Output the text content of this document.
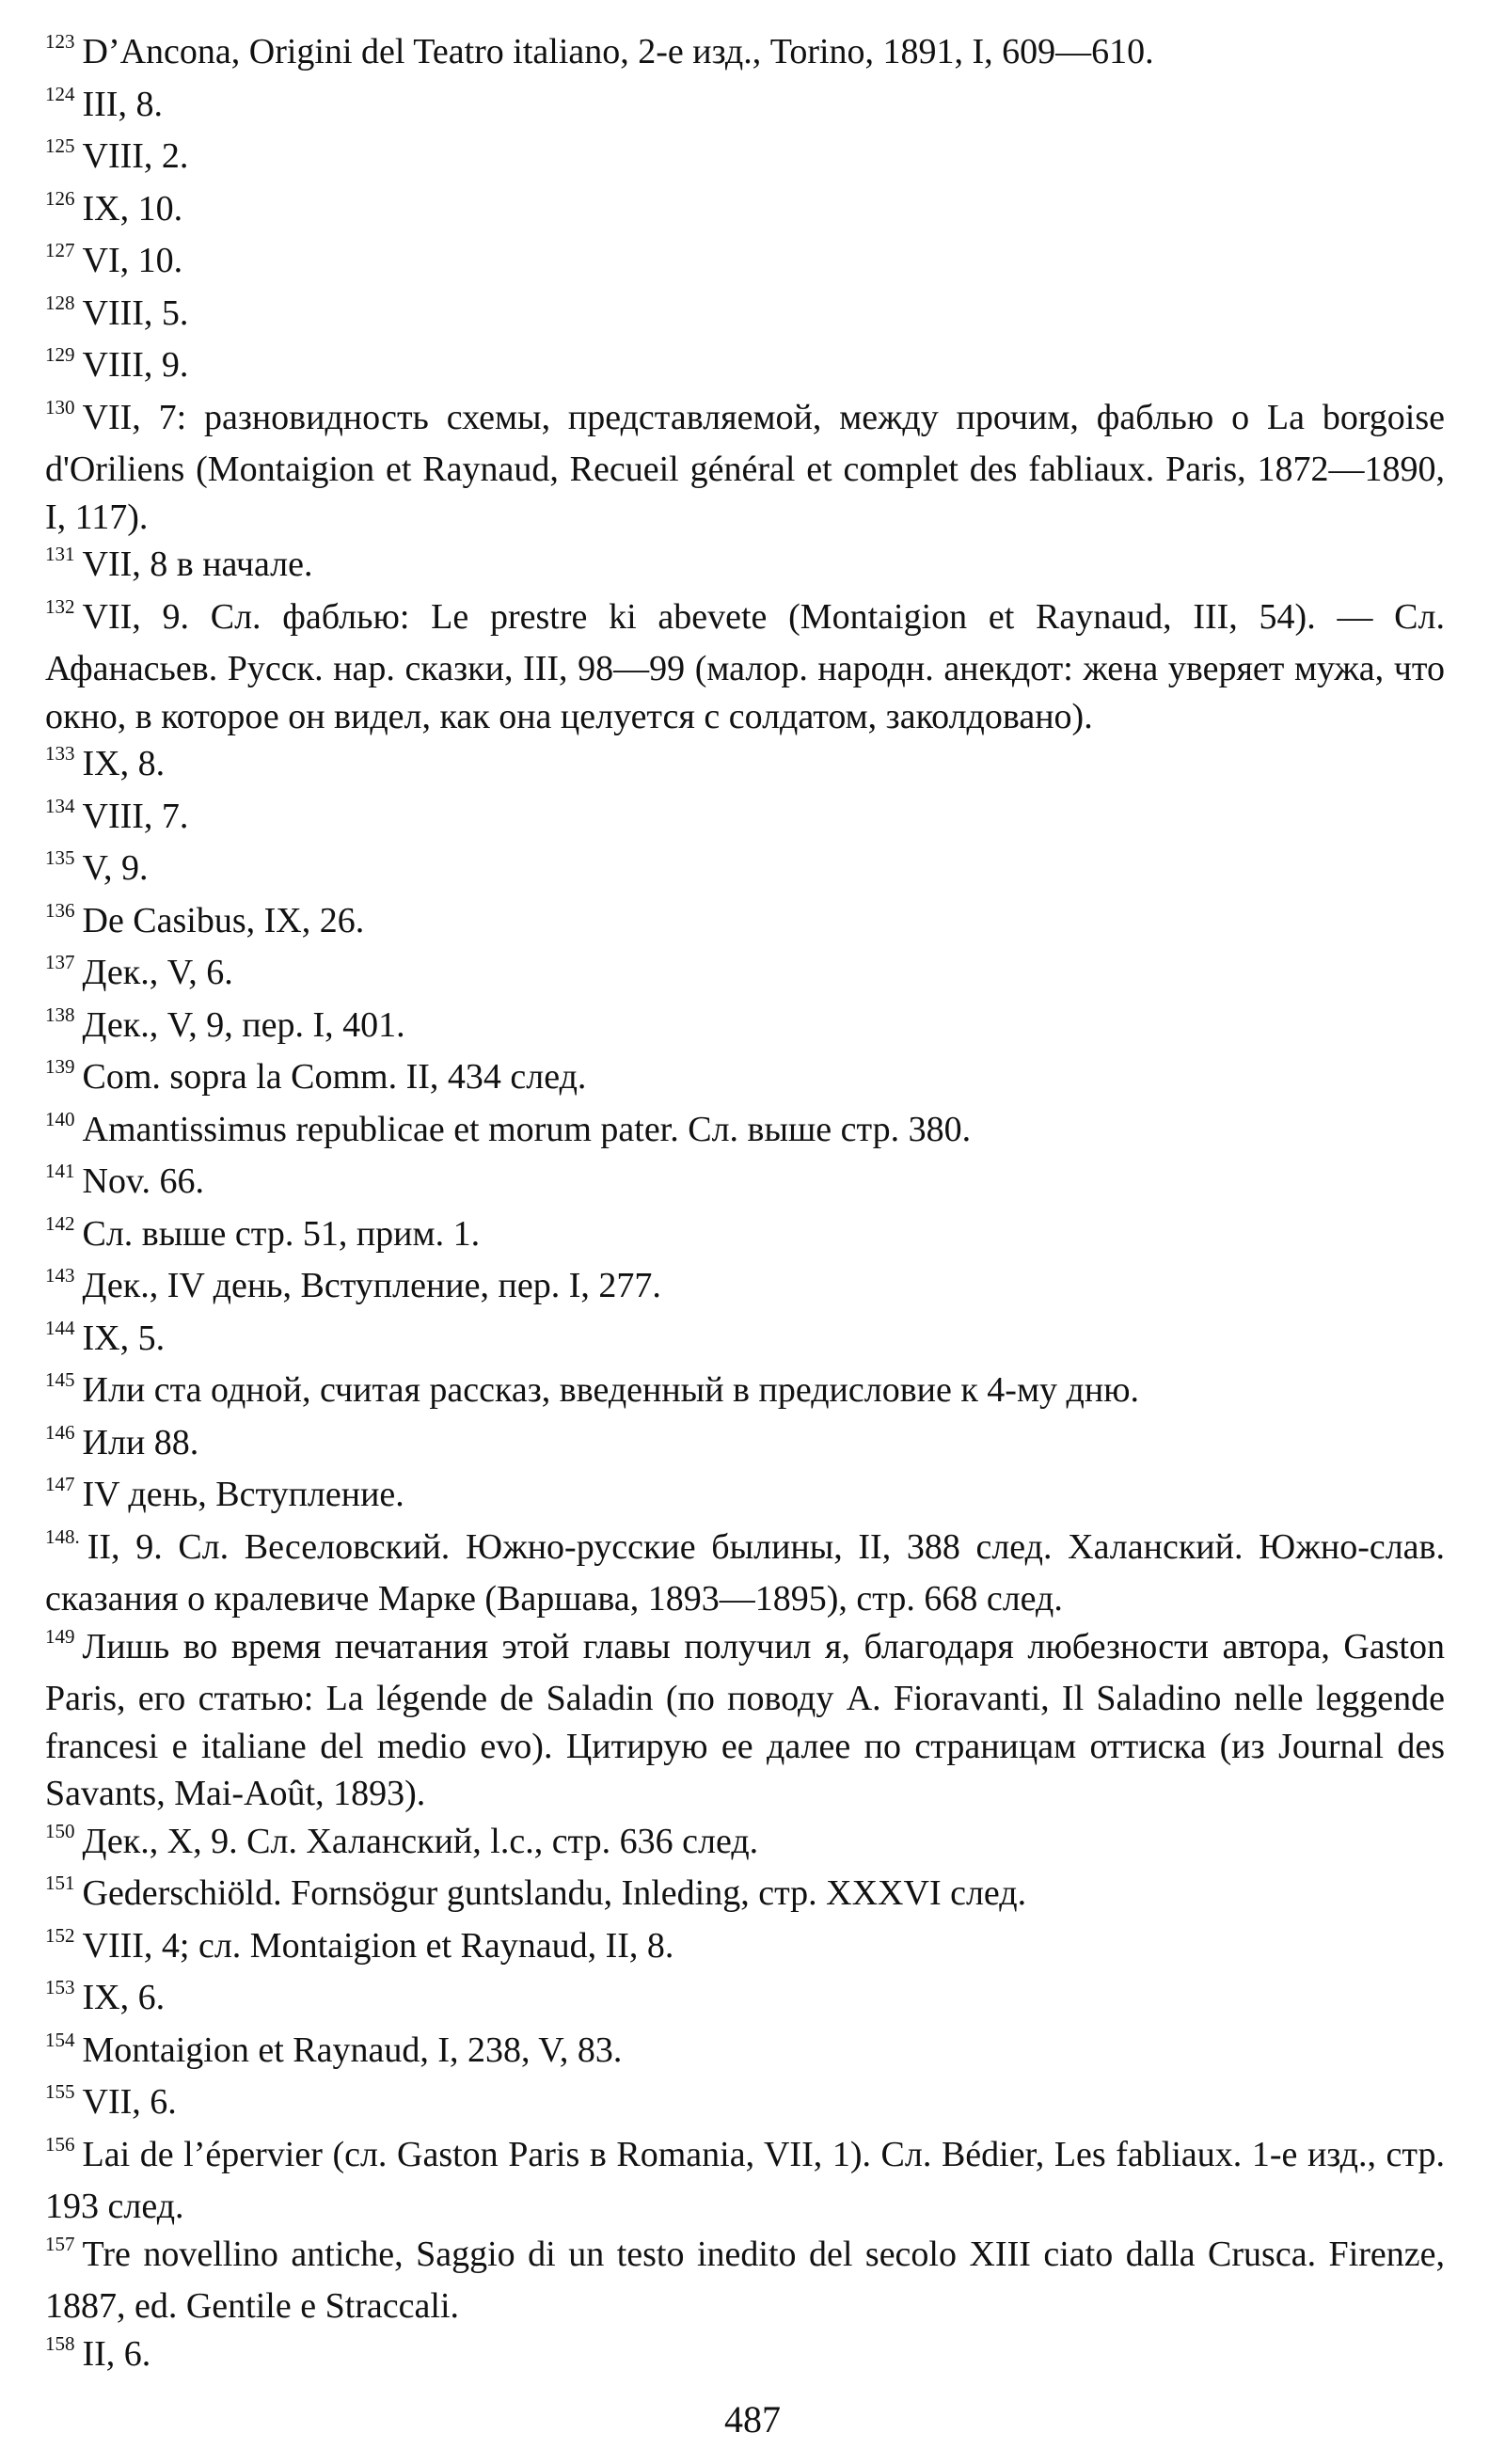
$^{123}$ D’Ancona, Origini del Teatro italiano, 2-е изд., Torino, 1891, I, 609—610.

$^{124}$ III, 8.

$^{125}$ VIII, 2.

$^{126}$ IX, 10.

$^{127}$ VI, 10.

$^{128}$ VIII, 5.

$^{129}$ VIII, 9.

$^{130}$ VII, 7: разновидность схемы, представляемой, между прочим, фаблью о La borgoise d'Oriliens (Montaigion et Raynaud, Recueil général et complet des fabliaux. Paris, 1872—1890, I, 117).

$^{131}$ VII, 8 в начале.

$^{132}$ VII, 9. Сл. фаблью: Le prestre ki abevete (Montaigion et Raynaud, III, 54). — Сл. Афанасьев. Русск. нар. сказки, III, 98—99 (малор. народн. анекдот: жена уверяет мужа, что окно, в которое он видел, как она целуется с солдатом, заколдовано).

$^{133}$ IX, 8.

$^{134}$ VIII, 7.

$^{135}$ V, 9.

$^{136}$ De Casibus, IX, 26.

$^{137}$ Дек., V, 6.

$^{138}$ Дек., V, 9, пер. I, 401.

$^{139}$ Com. sopra la Comm. II, 434 след.

$^{140}$ Amantissimus republicae et morum pater. Сл. выше стр. 380.

$^{141}$ Nov. 66.

$^{142}$ Сл. выше стр. 51, прим. 1.

$^{143}$ Дек., IV день, Вступление, пер. I, 277.

$^{144}$ IX, 5.

$^{145}$ Или ста одной, считая рассказ, введенный в предисловие к 4-му дню.

$^{146}$ Или 88.

$^{147}$ IV день, Вступление.

$^{148.}$ II, 9. Сл. Веселовский. Южно-русские былины, II, 388 след. Халанский. Южно-слав. сказания о кралевиче Марке (Варшава, 1893—1895), стр. 668 след.

$^{149}$ Лишь во время печатания этой главы получил я, благодаря любезности автора, Gaston Paris, его статью: La légende de Saladin (по поводу A. Fioravanti, Il Saladino nelle leggende francesi e italiane del medio evo). Цитирую ее далее по страницам оттиска (из Journal des Savants, Mai-Août, 1893).

$^{150}$ Дек., X, 9. Сл. Халанский, l.c., стр. 636 след.

$^{151}$ Gederschiöld. Fornsögur guntslandu, Inleding, стр. XXXVI след.

$^{152}$ VIII, 4; сл. Montaigion et Raynaud, II, 8.

$^{153}$ IX, 6.

$^{154}$ Montaigion et Raynaud, I, 238, V, 83.

$^{155}$ VII, 6.

$^{156}$ Lai de l’épervier (сл. Gaston Paris в Romania, VII, 1). Сл. Bédier, Les fabliaux. 1-е изд., стр. 193 след.

$^{157}$ Tre novellino antiche, Saggio di un testo inedito del secolo XIII ciato dalla Crusca. Firenze, 1887, ed. Gentile e Straccali.

$^{158}$ II, 6.

487
